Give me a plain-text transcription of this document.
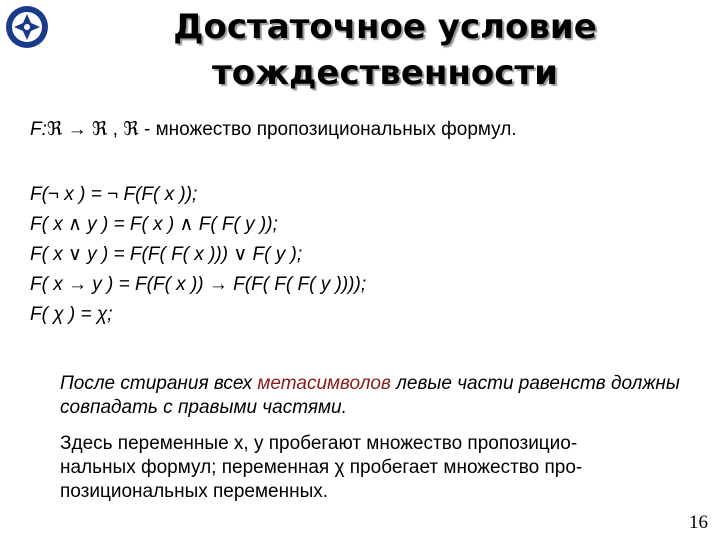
Достаточное условие
тождественности
F:ℜ → ℜ , ℜ - множество пропозициональных формул.
F(¬ x ) = ¬ F(F( x ));
F( x ∧ y ) = F( x ) ∧ F( F( y ));
F( x ∨ y ) = F(F( F( x ))) ∨ F( y );
F( x → y ) = F(F( x )) → F(F( F( F( y ))));
F( χ ) = χ;
После стирания всех метасимволов левые части равенств должны совпадать с правыми частями.
Здесь переменные x, y пробегают множество пропозицио-
нальных формул; переменная χ пробегает множество про-
позициональных переменных.
16
